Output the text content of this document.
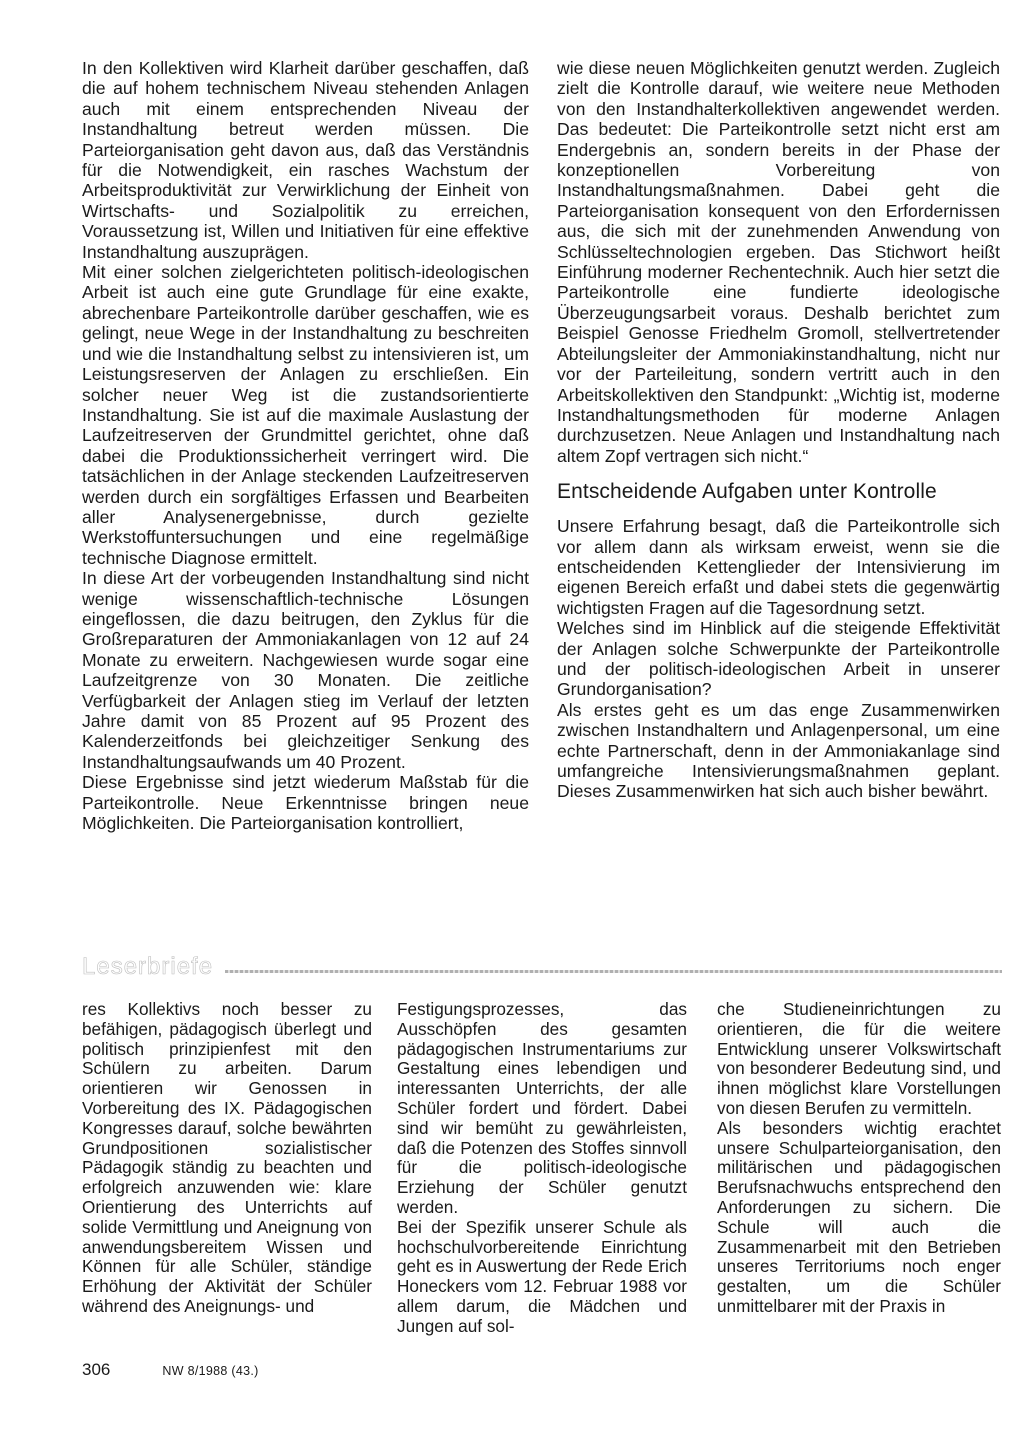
In den Kollektiven wird Klarheit darüber geschaffen, daß die auf hohem technischem Niveau stehenden Anlagen auch mit einem entsprechenden Niveau der Instandhaltung betreut werden müssen. Die Parteiorganisation geht davon aus, daß das Verständnis für die Notwendigkeit, ein rasches Wachstum der Arbeitsproduktivität zur Verwirklichung der Einheit von Wirtschafts- und Sozialpolitik zu erreichen, Voraussetzung ist, Willen und Initiativen für eine effektive Instandhaltung auszuprägen.

Mit einer solchen zielgerichteten politisch-ideologischen Arbeit ist auch eine gute Grundlage für eine exakte, abrechenbare Parteikontrolle darüber geschaffen, wie es gelingt, neue Wege in der Instandhaltung zu beschreiten und wie die Instandhaltung selbst zu intensivieren ist, um Leistungsreserven der Anlagen zu erschließen. Ein solcher neuer Weg ist die zustandsorientierte Instandhaltung. Sie ist auf die maximale Auslastung der Laufzeitreserven der Grundmittel gerichtet, ohne daß dabei die Produktionssicherheit verringert wird. Die tatsächlichen in der Anlage steckenden Laufzeitreserven werden durch ein sorgfältiges Erfassen und Bearbeiten aller Analysenergebnisse, durch gezielte Werkstoffuntersuchungen und eine regelmäßige technische Diagnose ermittelt.

In diese Art der vorbeugenden Instandhaltung sind nicht wenige wissenschaftlich-technische Lösungen eingeflossen, die dazu beitrugen, den Zyklus für die Großreparaturen der Ammoniakanlagen von 12 auf 24 Monate zu erweitern. Nachgewiesen wurde sogar eine Laufzeitgrenze von 30 Monaten. Die zeitliche Verfügbarkeit der Anlagen stieg im Verlauf der letzten Jahre damit von 85 Prozent auf 95 Prozent des Kalenderzeitfonds bei gleichzeitiger Senkung des Instandhaltungsaufwands um 40 Prozent.

Diese Ergebnisse sind jetzt wiederum Maßstab für die Parteikontrolle. Neue Erkenntnisse bringen neue Möglichkeiten. Die Parteiorganisation kontrolliert,

wie diese neuen Möglichkeiten genutzt werden. Zugleich zielt die Kontrolle darauf, wie weitere neue Methoden von den Instandhalterkollektiven angewendet werden. Das bedeutet: Die Parteikontrolle setzt nicht erst am Endergebnis an, sondern bereits in der Phase der konzeptionellen Vorbereitung von Instandhaltungsmaßnahmen. Dabei geht die Parteiorganisation konsequent von den Erfordernissen aus, die sich mit der zunehmenden Anwendung von Schlüsseltechnologien ergeben. Das Stichwort heißt Einführung moderner Rechentechnik. Auch hier setzt die Parteikontrolle eine fundierte ideologische Überzeugungsarbeit voraus. Deshalb berichtet zum Beispiel Genosse Friedhelm Gromoll, stellvertretender Abteilungsleiter der Ammoniakinstandhaltung, nicht nur vor der Parteileitung, sondern vertritt auch in den Arbeitskollektiven den Standpunkt: „Wichtig ist, moderne Instandhaltungsmethoden für moderne Anlagen durchzusetzen. Neue Anlagen und Instandhaltung nach altem Zopf vertragen sich nicht.“

Entscheidende Aufgaben unter Kontrolle

Unsere Erfahrung besagt, daß die Parteikontrolle sich vor allem dann als wirksam erweist, wenn sie die entscheidenden Kettenglieder der Intensivierung im eigenen Bereich erfaßt und dabei stets die gegenwärtig wichtigsten Fragen auf die Tagesordnung setzt.

Welches sind im Hinblick auf die steigende Effektivität der Anlagen solche Schwerpunkte der Parteikontrolle und der politisch-ideologischen Arbeit in unserer Grundorganisation?

Als erstes geht es um das enge Zusammenwirken zwischen Instandhaltern und Anlagenpersonal, um eine echte Partnerschaft, denn in der Ammoniakanlage sind umfangreiche Intensivierungsmaßnahmen geplant. Dieses Zusammenwirken hat sich auch bisher bewährt.

Leserbriefe

res Kollektivs noch besser zu befähigen, pädagogisch überlegt und politisch prinzipienfest mit den Schülern zu arbeiten. Darum orientieren wir Genossen in Vorbereitung des IX. Pädagogischen Kongresses darauf, solche bewährten Grundpositionen sozialistischer Pädagogik ständig zu beachten und erfolgreich anzuwenden wie: klare Orientierung des Unterrichts auf solide Vermittlung und Aneignung von anwendungsbereitem Wissen und Können für alle Schüler, ständige Erhöhung der Aktivität der Schüler während des Aneignungs- und

Festigungsprozesses, das Ausschöpfen des gesamten pädagogischen Instrumentariums zur Gestaltung eines lebendigen und interessanten Unterrichts, der alle Schüler fordert und fördert. Dabei sind wir bemüht zu gewährleisten, daß die Potenzen des Stoffes sinnvoll für die politisch-ideologische Erziehung der Schüler genutzt werden.

Bei der Spezifik unserer Schule als hochschulvorbereitende Einrichtung geht es in Auswertung der Rede Erich Honeckers vom 12. Februar 1988 vor allem darum, die Mädchen und Jungen auf sol-

che Studieneinrichtungen zu orientieren, die für die weitere Entwicklung unserer Volkswirtschaft von besonderer Bedeutung sind, und ihnen möglichst klare Vorstellungen von diesen Berufen zu vermitteln.

Als besonders wichtig erachtet unsere Schulparteiorganisation, den militärischen und pädagogischen Berufsnachwuchs entsprechend den Anforderungen zu sichern. Die Schule will auch die Zusammenarbeit mit den Betrieben unseres Territoriums noch enger gestalten, um die Schüler unmittelbarer mit der Praxis in

306	NW 8/1988 (43.)
